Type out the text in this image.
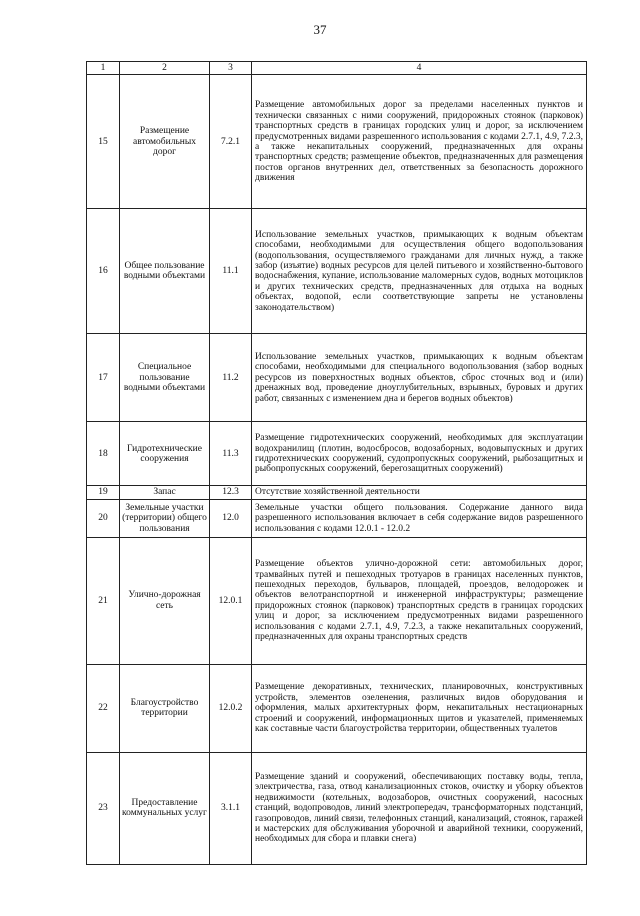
37
1	2	3	4
15	Размещение автомобильных дорог	7.2.1	Размещение автомобильных дорог за пределами населенных пунктов и технически связанных с ними сооружений, придорожных стоянок (парковок) транспортных средств в границах городских улиц и дорог, за исключением предусмотренных видами разрешенного использования с кодами 2.7.1, 4.9, 7.2.3, а также некапитальных сооружений, предназначенных для охраны транспортных средств; размещение объектов, предназначенных для размещения постов органов внутренних дел, ответственных за безопасность дорожного движения
16	Общее пользование водными объектами	11.1	Использование земельных участков, примыкающих к водным объектам способами, необходимыми для осуществления общего водопользования (водопользования, осуществляемого гражданами для личных нужд, а также забор (изъятие) водных ресурсов для целей питьевого и хозяйственно-бытового водоснабжения, купание, использование маломерных судов, водных мотоциклов и других технических средств, предназначенных для отдыха на водных объектах, водопой, если соответствующие запреты не установлены законодательством)
17	Специальное пользование водными объектами	11.2	Использование земельных участков, примыкающих к водным объектам способами, необходимыми для специального водопользования (забор водных ресурсов из поверхностных водных объектов, сброс сточных вод и (или) дренажных вод, проведение дноуглубительных, взрывных, буровых и других работ, связанных с изменением дна и берегов водных объектов)
18	Гидротехнические сооружения	11.3	Размещение гидротехнических сооружений, необходимых для эксплуатации водохранилищ (плотин, водосбросов, водозаборных, водовыпускных и других гидротехнических сооружений, судопропускных сооружений, рыбозащитных и рыбопропускных сооружений, берегозащитных сооружений)
19	Запас	12.3	Отсутствие хозяйственной деятельности
20	Земельные участки (территории) общего пользования	12.0	Земельные участки общего пользования. Содержание данного вида разрешенного использования включает в себя содержание видов разрешенного использования с кодами 12.0.1 - 12.0.2
21	Улично-дорожная сеть	12.0.1	Размещение объектов улично-дорожной сети: автомобильных дорог, трамвайных путей и пешеходных тротуаров в границах населенных пунктов, пешеходных переходов, бульваров, площадей, проездов, велодорожек и объектов велотранспортной и инженерной инфраструктуры; размещение придорожных стоянок (парковок) транспортных средств в границах городских улиц и дорог, за исключением предусмотренных видами разрешенного использования с кодами 2.7.1, 4.9, 7.2.3, а также некапитальных сооружений, предназначенных для охраны транспортных средств
22	Благоустройство территории	12.0.2	Размещение декоративных, технических, планировочных, конструктивных устройств, элементов озеленения, различных видов оборудования и оформления, малых архитектурных форм, некапитальных нестационарных строений и сооружений, информационных щитов и указателей, применяемых как составные части благоустройства территории, общественных туалетов
23	Предоставление коммунальных услуг	3.1.1	Размещение зданий и сооружений, обеспечивающих поставку воды, тепла, электричества, газа, отвод канализационных стоков, очистку и уборку объектов недвижимости (котельных, водозаборов, очистных сооружений, насосных станций, водопроводов, линий электропередач, трансформаторных подстанций, газопроводов, линий связи, телефонных станций, канализаций, стоянок, гаражей и мастерских для обслуживания уборочной и аварийной техники, сооружений, необходимых для сбора и плавки снега)
